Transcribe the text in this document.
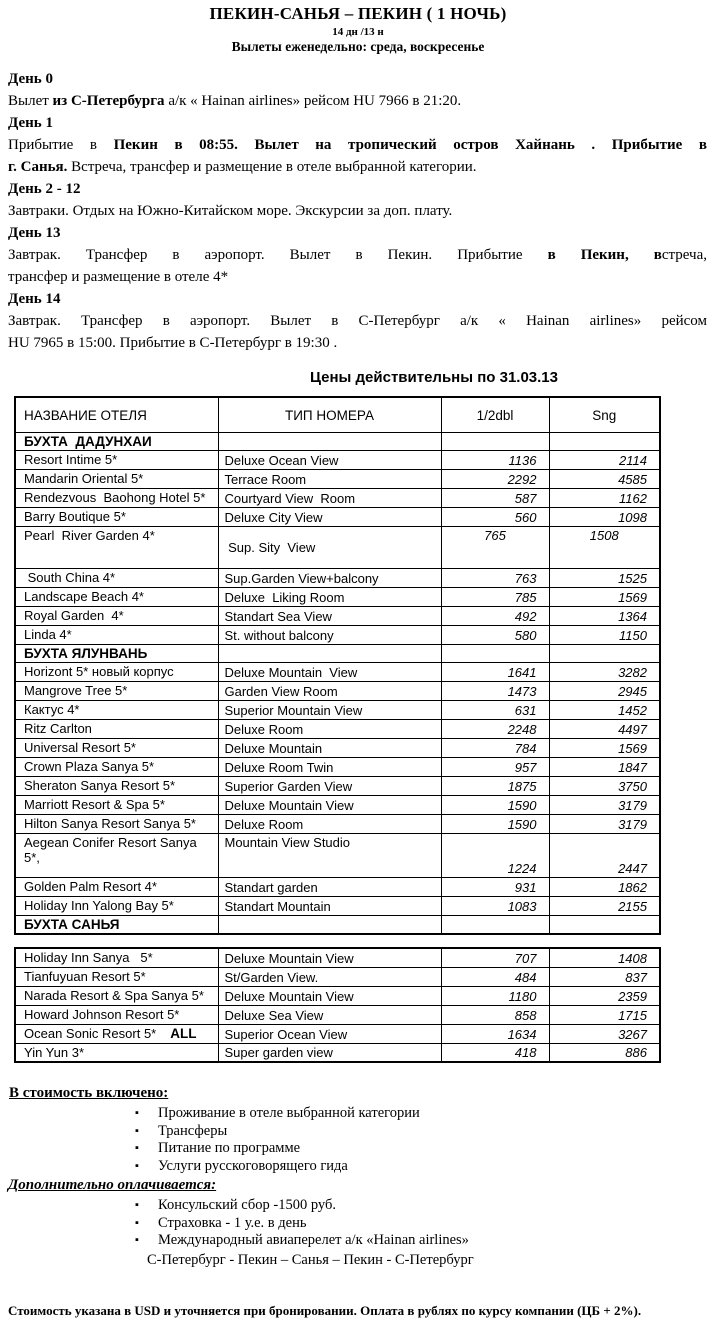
ПЕКИН-САНЬЯ – ПЕКИН ( 1 НОЧЬ)
14 дн /13 н
Вылеты еженедельно: среда, воскресенье
День 0
Вылет из С-Петербурга а/к « Hainan airlines» рейсом HU 7966 в 21:20.
День 1
Прибытие в Пекин в 08:55. Вылет на тропический остров Хайнань . Прибытие в
г. Санья. Встреча, трансфер и размещение в отеле выбранной категории.
День 2 - 12
Завтраки. Отдых на Южно-Китайском море. Экскурсии за доп. плату.
День 13
Завтрак. Трансфер в аэропорт. Вылет в Пекин. Прибытие в Пекин, встреча,
трансфер и размещение в отеле 4*
День 14
Завтрак. Трансфер в аэропорт. Вылет в С-Петербург а/к « Hainan airlines» рейсом
HU 7965 в 15:00. Прибытие в С-Петербург в 19:30 .
Цены действительны по 31.03.13
НАЗВАНИЕ ОТЕЛЯ	ТИП НОМЕРА	1/2dbl	Sng
БУХТА  ДАДУНХАИ			
Resort Intime 5*	Deluxe Ocean View	1136	2114
Mandarin Oriental 5*	Terrace Room	2292	4585
Rendezvous  Baohong Hotel 5*	Courtyard View  Room	587	1162
Barry Boutique 5*	Deluxe City View	560	1098
Pearl  River Garden 4*	Sup. Sity  View	765	1508
South China 4*	Sup.Garden View+balcony	763	1525
Landscape Beach 4*	Deluxe  Liking Room	785	1569
Royal Garden  4*	Standart Sea View	492	1364
Linda 4*	St. without balcony	580	1150
БУХТА ЯЛУНВАНЬ			
Horizont 5* новый корпус	Deluxe Mountain  View	1641	3282
Mangrove Tree 5*	Garden View Room	1473	2945
Кактус 4*	Superior Mountain View	631	1452
Ritz Carlton	Deluxe Room	2248	4497
Universal Resort 5*	Deluxe Mountain	784	1569
Crown Plaza Sanya 5*	Deluxe Room Twin	957	1847
Sheraton Sanya Resort 5*	Superior Garden View	1875	3750
Marriott Resort & Spa 5*	Deluxe Mountain View	1590	3179
Hilton Sanya Resort Sanya 5*	Deluxe Room	1590	3179
Aegean Conifer Resort Sanya 5*,	Mountain View Studio	1224	2447
Golden Palm Resort 4*	Standart garden	931	1862
Holiday Inn Yalong Bay 5*	Standart Mountain	1083	2155
БУХТА САНЬЯ			
Holiday Inn Sanya   5*	Deluxe Mountain View	707	1408
Tianfuyuan Resort 5*	St/Garden View.	484	837
Narada Resort & Spa Sanya 5*	Deluxe Mountain View	1180	2359
Howard Johnson Resort 5*	Deluxe Sea View	858	1715
Ocean Sonic Resort 5* ALL	Superior Ocean View	1634	3267
Yin Yun 3*	Super garden view	418	886
В стоимость включено:
▪ Проживание в отеле выбранной категории
▪ Трансферы
▪ Питание по программе
▪ Услуги русскоговорящего гида
Дополнительно оплачивается:
▪ Консульский сбор -1500 руб.
▪ Страховка - 1 у.е. в день
▪ Международный авиаперелет а/к «Hainan airlines»
С-Петербург - Пекин – Санья – Пекин - С-Петербург
Стоимость указана в USD и уточняется при бронировании. Оплата в рублях по курсу компании (ЦБ + 2%).
